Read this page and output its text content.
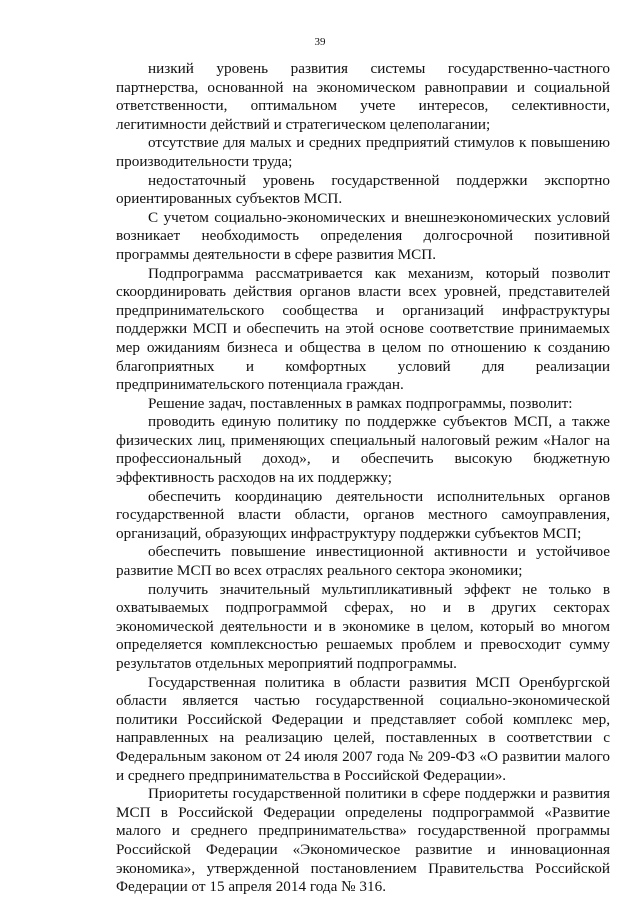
39

низкий уровень развития системы государственно-частного партнерства, основанной на экономическом равноправии и социальной ответственности, оптимальном учете интересов, селективности, легитимности действий и стратегическом целеполагании;

отсутствие для малых и средних предприятий стимулов к повышению производительности труда;

недостаточный уровень государственной поддержки экспортно ориентированных субъектов МСП.

С учетом социально-экономических и внешнеэкономических условий возникает необходимость определения долгосрочной позитивной программы деятельности в сфере развития МСП.

Подпрограмма рассматривается как механизм, который позволит скоординировать действия органов власти всех уровней, представителей предпринимательского сообщества и организаций инфраструктуры поддержки МСП и обеспечить на этой основе соответствие принимаемых мер ожиданиям бизнеса и общества в целом по отношению к созданию благоприятных и комфортных условий для реализации предпринимательского потенциала граждан.

Решение задач, поставленных в рамках подпрограммы, позволит:

проводить единую политику по поддержке субъектов МСП, а также физических лиц, применяющих специальный налоговый режим «Налог на профессиональный доход», и обеспечить высокую бюджетную эффективность расходов на их поддержку;

обеспечить координацию деятельности исполнительных органов государственной власти области, органов местного самоуправления, организаций, образующих инфраструктуру поддержки субъектов МСП;

обеспечить повышение инвестиционной активности и устойчивое развитие МСП во всех отраслях реального сектора экономики;

получить значительный мультипликативный эффект не только в охватываемых подпрограммой сферах, но и в других секторах экономической деятельности и в экономике в целом, который во многом определяется комплексностью решаемых проблем и превосходит сумму результатов отдельных мероприятий подпрограммы.

Государственная политика в области развития МСП Оренбургской области является частью государственной социально-экономической политики Российской Федерации и представляет собой комплекс мер, направленных на реализацию целей, поставленных в соответствии с Федеральным законом от 24 июля 2007 года № 209-ФЗ «О развитии малого и среднего предпринимательства в Российской Федерации».

Приоритеты государственной политики в сфере поддержки и развития МСП в Российской Федерации определены подпрограммой «Развитие малого и среднего предпринимательства» государственной программы Российской Федерации «Экономическое развитие и инновационная экономика», утвержденной постановлением Правительства Российской Федерации от 15 апреля 2014 года № 316.
